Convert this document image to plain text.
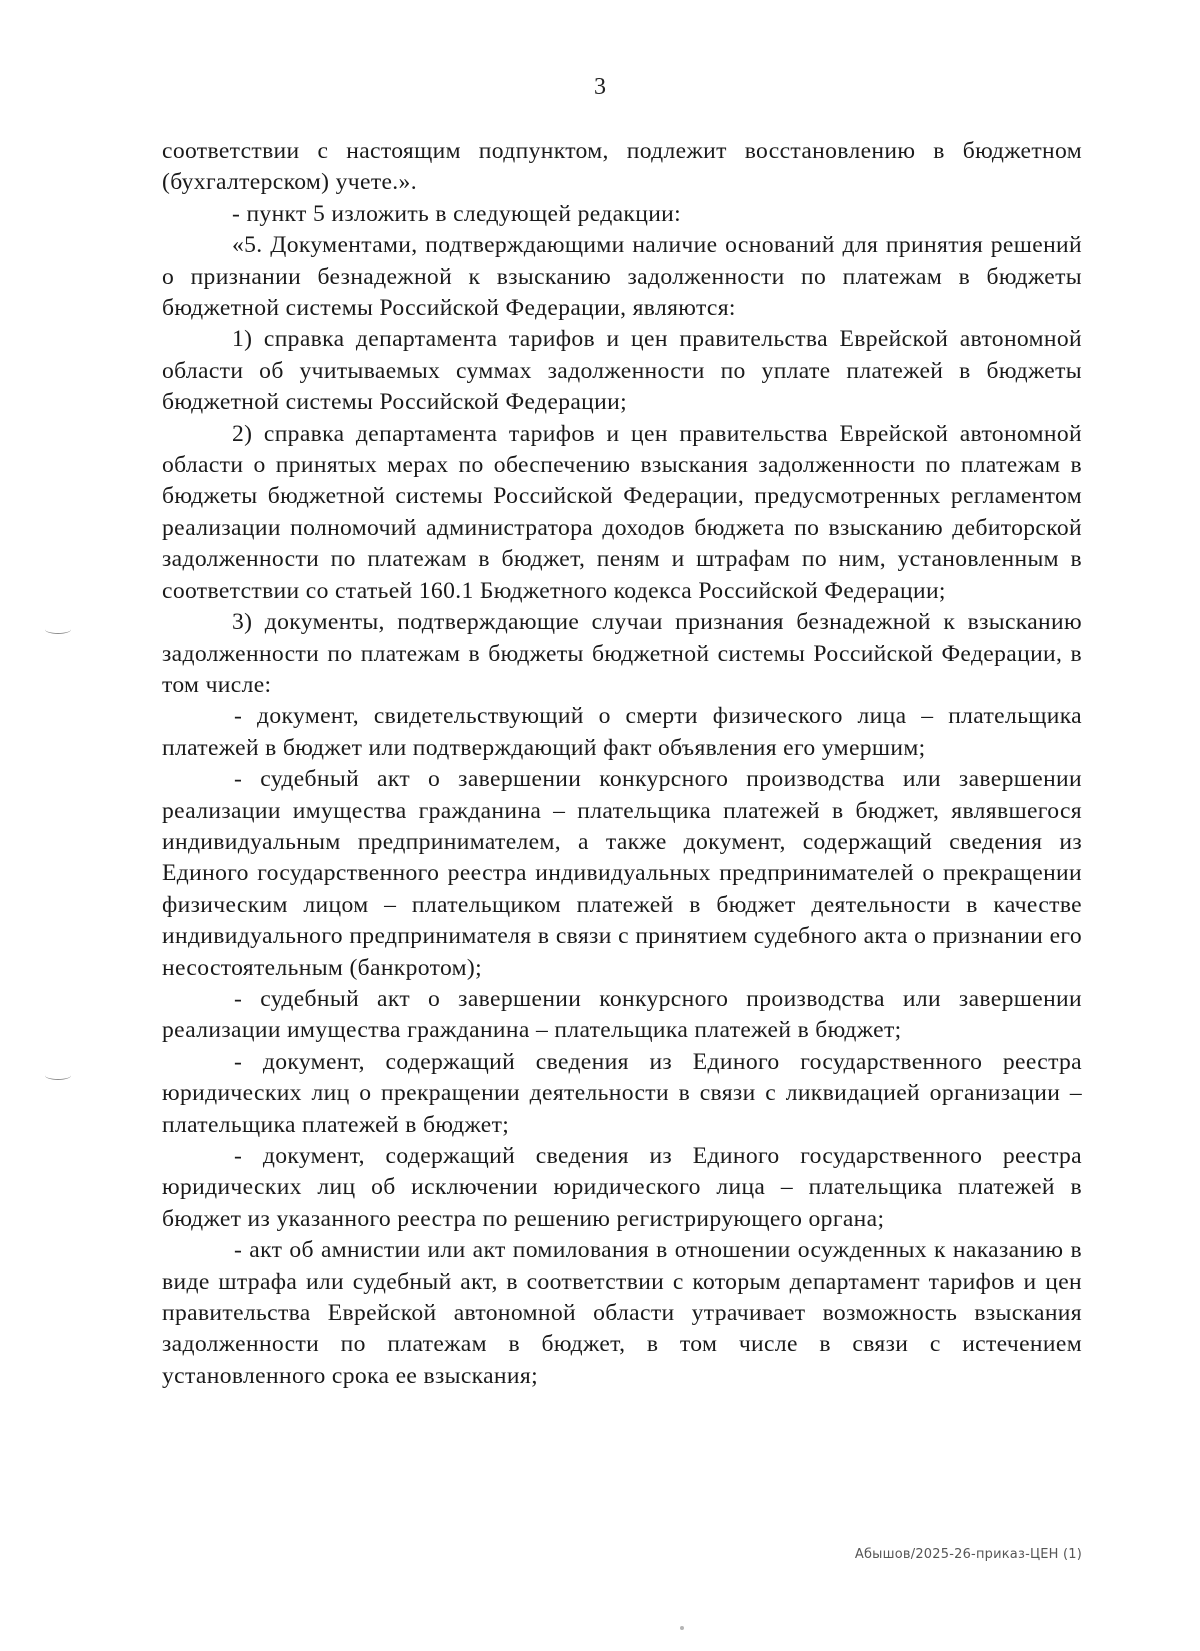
3

соответствии с настоящим подпунктом, подлежит восстановлению в бюджетном (бухгалтерском) учете.».

- пункт 5 изложить в следующей редакции:

«5. Документами, подтверждающими наличие оснований для принятия решений о признании безнадежной к взысканию задолженности по платежам в бюджеты бюджетной системы Российской Федерации, являются:

1) справка департамента тарифов и цен правительства Еврейской автономной области об учитываемых суммах задолженности по уплате платежей в бюджеты бюджетной системы Российской Федерации;

2) справка департамента тарифов и цен правительства Еврейской автономной области о принятых мерах по обеспечению взыскания задолженности по платежам в бюджеты бюджетной системы Российской Федерации, предусмотренных регламентом реализации полномочий администратора доходов бюджета по взысканию дебиторской задолженности по платежам в бюджет, пеням и штрафам по ним, установленным в соответствии со статьей 160.1 Бюджетного кодекса Российской Федерации;

3) документы, подтверждающие случаи признания безнадежной к взысканию задолженности по платежам в бюджеты бюджетной системы Российской Федерации, в том числе:

- документ, свидетельствующий о смерти физического лица – плательщика платежей в бюджет или подтверждающий факт объявления его умершим;

- судебный акт о завершении конкурсного производства или завершении реализации имущества гражданина – плательщика платежей в бюджет, являвшегося индивидуальным предпринимателем, а также документ, содержащий сведения из Единого государственного реестра индивидуальных предпринимателей о прекращении физическим лицом – плательщиком платежей в бюджет деятельности в качестве индивидуального предпринимателя в связи с принятием судебного акта о признании его несостоятельным (банкротом);

- судебный акт о завершении конкурсного производства или завершении реализации имущества гражданина – плательщика платежей в бюджет;

- документ, содержащий сведения из Единого государственного реестра юридических лиц о прекращении деятельности в связи с ликвидацией организации – плательщика платежей в бюджет;

- документ, содержащий сведения из Единого государственного реестра юридических лиц об исключении юридического лица – плательщика платежей в бюджет из указанного реестра по решению регистрирующего органа;

- акт об амнистии или акт помилования в отношении осужденных к наказанию в виде штрафа или судебный акт, в соответствии с которым департамент тарифов и цен правительства Еврейской автономной области утрачивает возможность взыскания задолженности по платежам в бюджет, в том числе в связи с истечением установленного срока ее взыскания;

Абышов/2025-26-приказ-ЦЕН (1)
